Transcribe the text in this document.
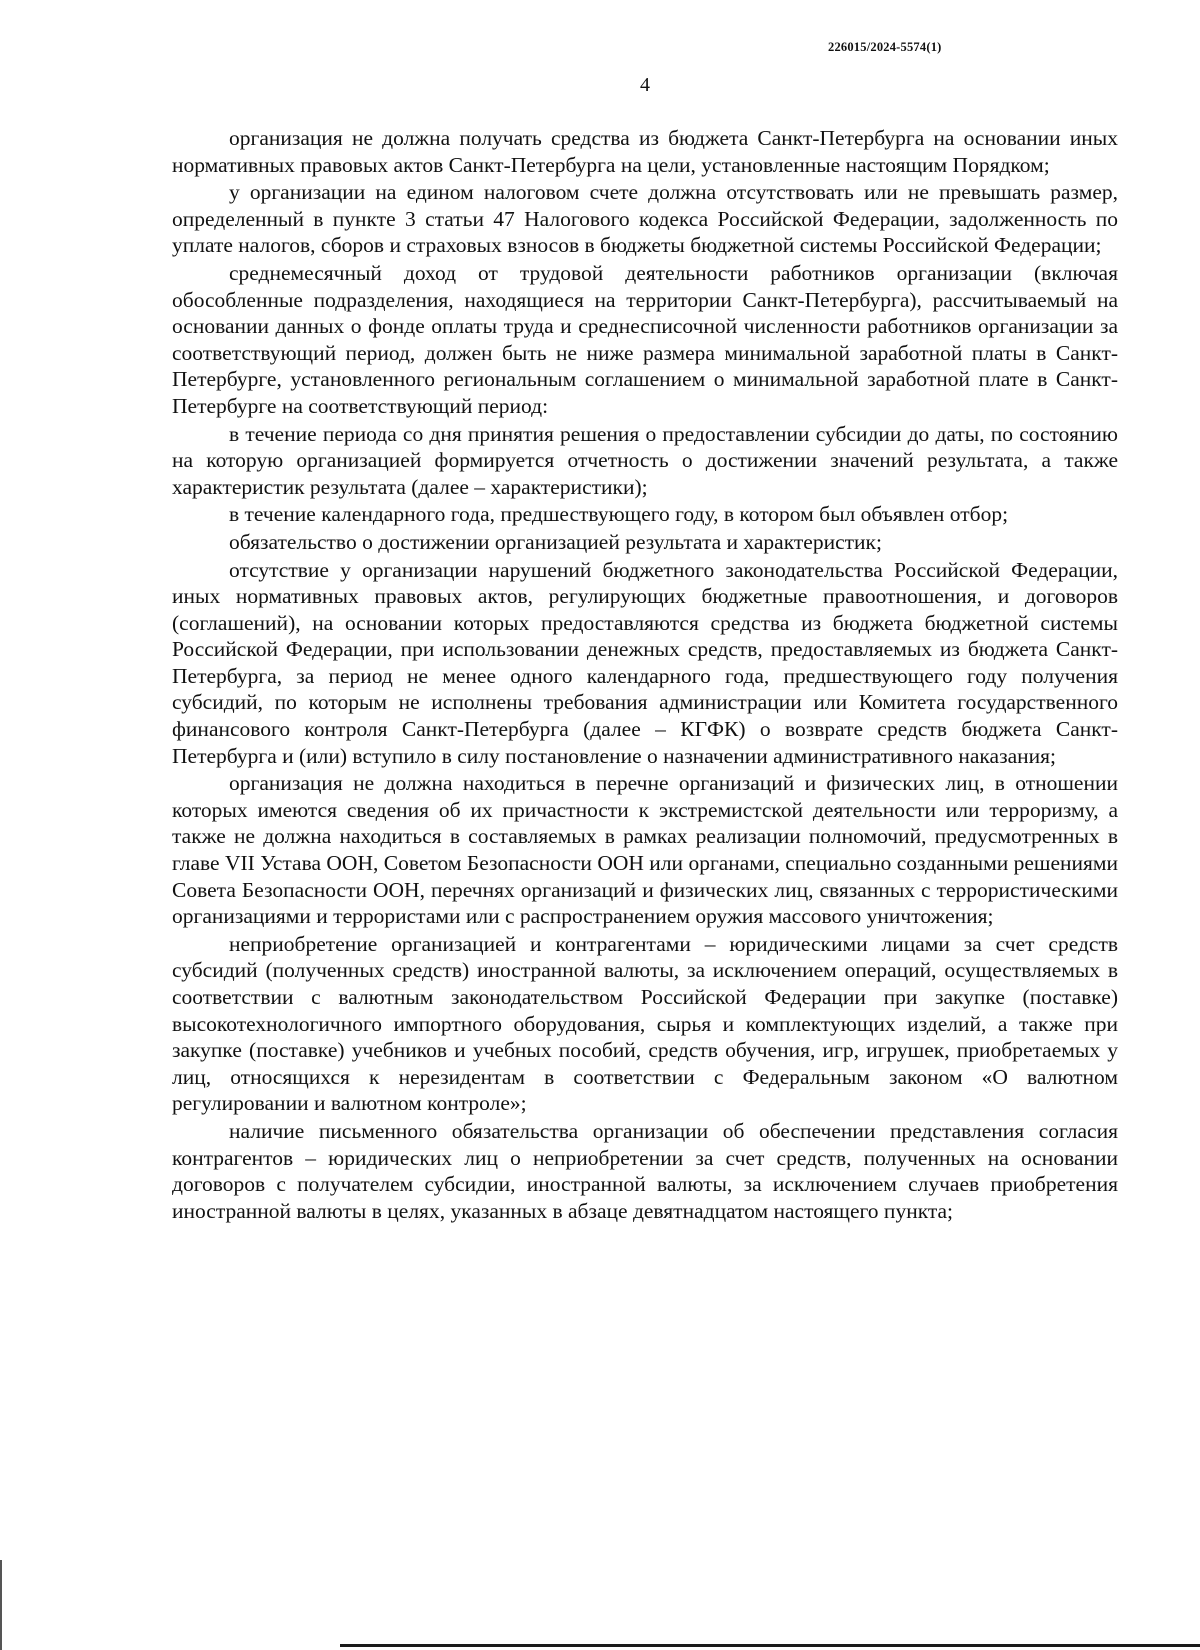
226015/2024-5574(1)
4

организация не должна получать средства из бюджета Санкт-Петербурга на основании иных нормативных правовых актов Санкт-Петербурга на цели, установленные настоящим Порядком;

у организации на едином налоговом счете должна отсутствовать или не превышать размер, определенный в пункте 3 статьи 47 Налогового кодекса Российской Федерации, задолженность по уплате налогов, сборов и страховых взносов в бюджеты бюджетной системы Российской Федерации;

среднемесячный доход от трудовой деятельности работников организации (включая обособленные подразделения, находящиеся на территории Санкт-Петербурга), рассчитываемый на основании данных о фонде оплаты труда и среднесписочной численности работников организации за соответствующий период, должен быть не ниже размера минимальной заработной платы в Санкт-Петербурге, установленного региональным соглашением о минимальной заработной плате в Санкт-Петербурге на соответствующий период:

в течение периода со дня принятия решения о предоставлении субсидии до даты, по состоянию на которую организацией формируется отчетность о достижении значений результата, а также характеристик результата (далее – характеристики);

в течение календарного года, предшествующего году, в котором был объявлен отбор;

обязательство о достижении организацией результата и характеристик;

отсутствие у организации нарушений бюджетного законодательства Российской Федерации, иных нормативных правовых актов, регулирующих бюджетные правоотношения, и договоров (соглашений), на основании которых предоставляются средства из бюджета бюджетной системы Российской Федерации, при использовании денежных средств, предоставляемых из бюджета Санкт-Петербурга, за период не менее одного календарного года, предшествующего году получения субсидий, по которым не исполнены требования администрации или Комитета государственного финансового контроля Санкт-Петербурга (далее – КГФК) о возврате средств бюджета Санкт-Петербурга и (или) вступило в силу постановление о назначении административного наказания;

организация не должна находиться в перечне организаций и физических лиц, в отношении которых имеются сведения об их причастности к экстремистской деятельности или терроризму, а также не должна находиться в составляемых в рамках реализации полномочий, предусмотренных в главе VII Устава ООН, Советом Безопасности ООН или органами, специально созданными решениями Совета Безопасности ООН, перечнях организаций и физических лиц, связанных с террористическими организациями и террористами или с распространением оружия массового уничтожения;

неприобретение организацией и контрагентами – юридическими лицами за счет средств субсидий (полученных средств) иностранной валюты, за исключением операций, осуществляемых в соответствии с валютным законодательством Российской Федерации при закупке (поставке) высокотехнологичного импортного оборудования, сырья и комплектующих изделий, а также при закупке (поставке) учебников и учебных пособий, средств обучения, игр, игрушек, приобретаемых у лиц, относящихся к нерезидентам в соответствии с Федеральным законом «О валютном регулировании и валютном контроле»;

наличие письменного обязательства организации об обеспечении представления согласия контрагентов – юридических лиц о неприобретении за счет средств, полученных на основании договоров с получателем субсидии, иностранной валюты, за исключением случаев приобретения иностранной валюты в целях, указанных в абзаце девятнадцатом настоящего пункта;
